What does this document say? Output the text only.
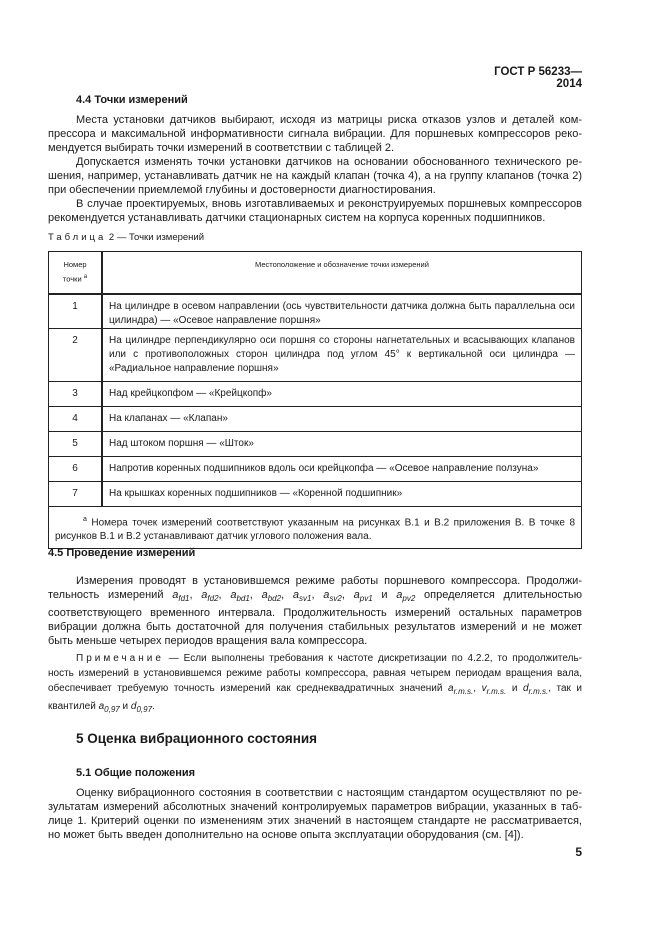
ГОСТ Р 56233—2014
4.4 Точки измерений
Места установки датчиков выбирают, исходя из матрицы риска отказов узлов и деталей ком-
прессора и максимальной информативности сигнала вибрации. Для поршневых компрессоров реко-
мендуется выбирать точки измерений в соответствии с таблицей 2.
Допускается изменять точки установки датчиков на основании обоснованного технического ре-
шения, например, устанавливать датчик не на каждый клапан (точка 4), а на группу клапанов (точка 2)
при обеспечении приемлемой глубины и достоверности диагностирования.
В случае проектируемых, вновь изготавливаемых и реконструируемых поршневых компрессоров
рекомендуется устанавливать датчики стационарных систем на корпуса коренных подшипников.
Таблица 2 — Точки измерений
Номер
точки $^а$	Местоположение и обозначение точки измерений
1	На цилиндре в осевом направлении (ось чувствительности датчика должна быть параллельна оси цилиндра) — «Осевое направление поршня»
2	На цилиндре перпендикулярно оси поршня со стороны нагнетательных и всасывающих клапанов или с противоположных сторон цилиндра под углом 45° к вертикальной оси цилиндра — «Радиальное направление поршня»
3	Над крейцкопфом — «Крейцкопф»
4	На клапанах — «Клапан»
5	Над штоком поршня — «Шток»
6	Напротив коренных подшипников вдоль оси крейцкопфа — «Осевое направление ползуна»
7	На крышках коренных подшипников — «Коренной подшипник»
$^а$ Номера точек измерений соответствуют указанным на рисунках В.1 и В.2 приложения В. В точке 8 рисунков В.1 и В.2 устанавливают датчик углового положения вала.	
4.5 Проведение измерений
Измерения проводят в установившемся режиме работы поршневого компрессора. Продолжи-
тельность измерений $a_{fd1}$, $a_{fd2}$, $a_{bd1}$, $a_{bd2}$, $a_{sv1}$, $a_{sv2}$, $a_{pv1}$ и $a_{pv2}$ определяется длительностью
соответствующего временного интервала. Продолжительность измерений остальных параметров
вибрации должна быть достаточной для получения стабильных результатов измерений и не может
быть меньше четырех периодов вращения вала компрессора.
Примечание — Если выполнены требования к частоте дискретизации по 4.2.2, то продолжитель-
ность измерений в установившемся режиме работы компрессора, равная четырем периодам вращения вала,
обеспечивает требуемую точность измерений как среднеквадратичных значений $a_{r.m.s.}$, $v_{r.m.s.}$ и $d_{r.m.s.}$, так и
квантилей $a_{0,97}$ и $d_{0,97}$.
5 Оценка вибрационного состояния
5.1 Общие положения
Оценку вибрационного состояния в соответствии с настоящим стандартом осуществляют по ре-
зультатам измерений абсолютных значений контролируемых параметров вибрации, указанных в таб-
лице 1. Критерий оценки по изменениям этих значений в настоящем стандарте не рассматривается,
но может быть введен дополнительно на основе опыта эксплуатации оборудования (см. [4]).
5
